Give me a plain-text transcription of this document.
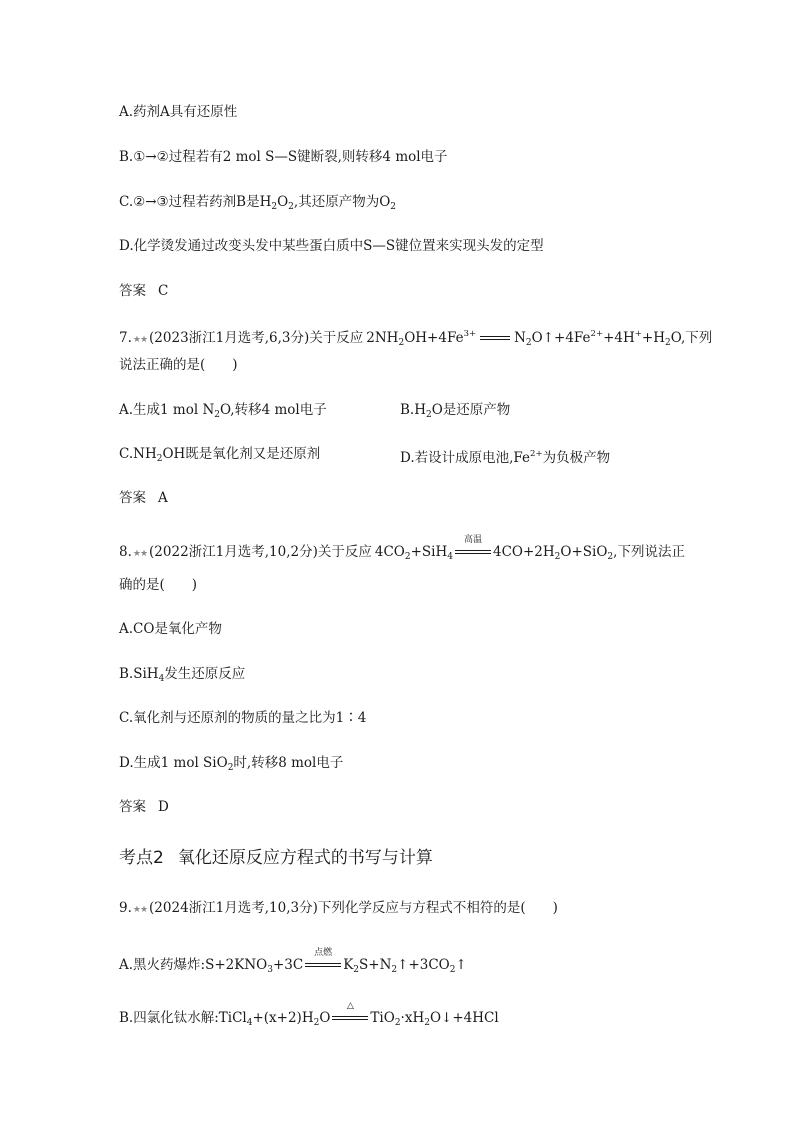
A.药剂A具有还原性
B.①→②过程若有2 mol S—S键断裂,则转移4 mol电子
C.②→③过程若药剂B是$H_2O_2$,其还原产物为$O_2$
D.化学烫发通过改变头发中某些蛋白质中S—S键位置来实现头发的定型
答案 C
7.★★ (2023浙江1月选考,6,3分)关于反应 $2NH_2OH+4Fe^{3+}$	$N_2O↑+4Fe^{2+}+4H^++H_2O$,下列
说法正确的是(　　)
A.生成1 mol $N_2O$,转移4 mol电子	$B.H_2O$是还原产物
$C.NH_2OH$既是氧化剂又是还原剂	D.若设计成原电池$,Fe^{2+}$为负极产物
答案 A
8.★★ (2022浙江1月选考,10,2分)关于反应 $4CO_2+SiH_4$
高温
$4CO+2H_2O+SiO_2$,下列说法正
确的是(　　)
A.CO是氧化产物
B.SiH$_4$发生还原反应
C.氧化剂与还原剂的物质的量之比为1∶4
D.生成1 mol SiO$_2$时,转移8 mol电子
答案 D
考点2 氧化还原反应方程式的书写与计算
9.★★ (2024浙江1月选考,10,3分)下列化学反应与方程式不相符的是(　　)
A.黑火药爆炸$:S+2KNO_3+3C$
点燃
$K_2S+N_2↑+3CO_2↑$
B.四氯化钛水解$:TiCl_4+(x+2)H_2O$
△
$TiO_2\cdot xH_2O↓+4HCl$
